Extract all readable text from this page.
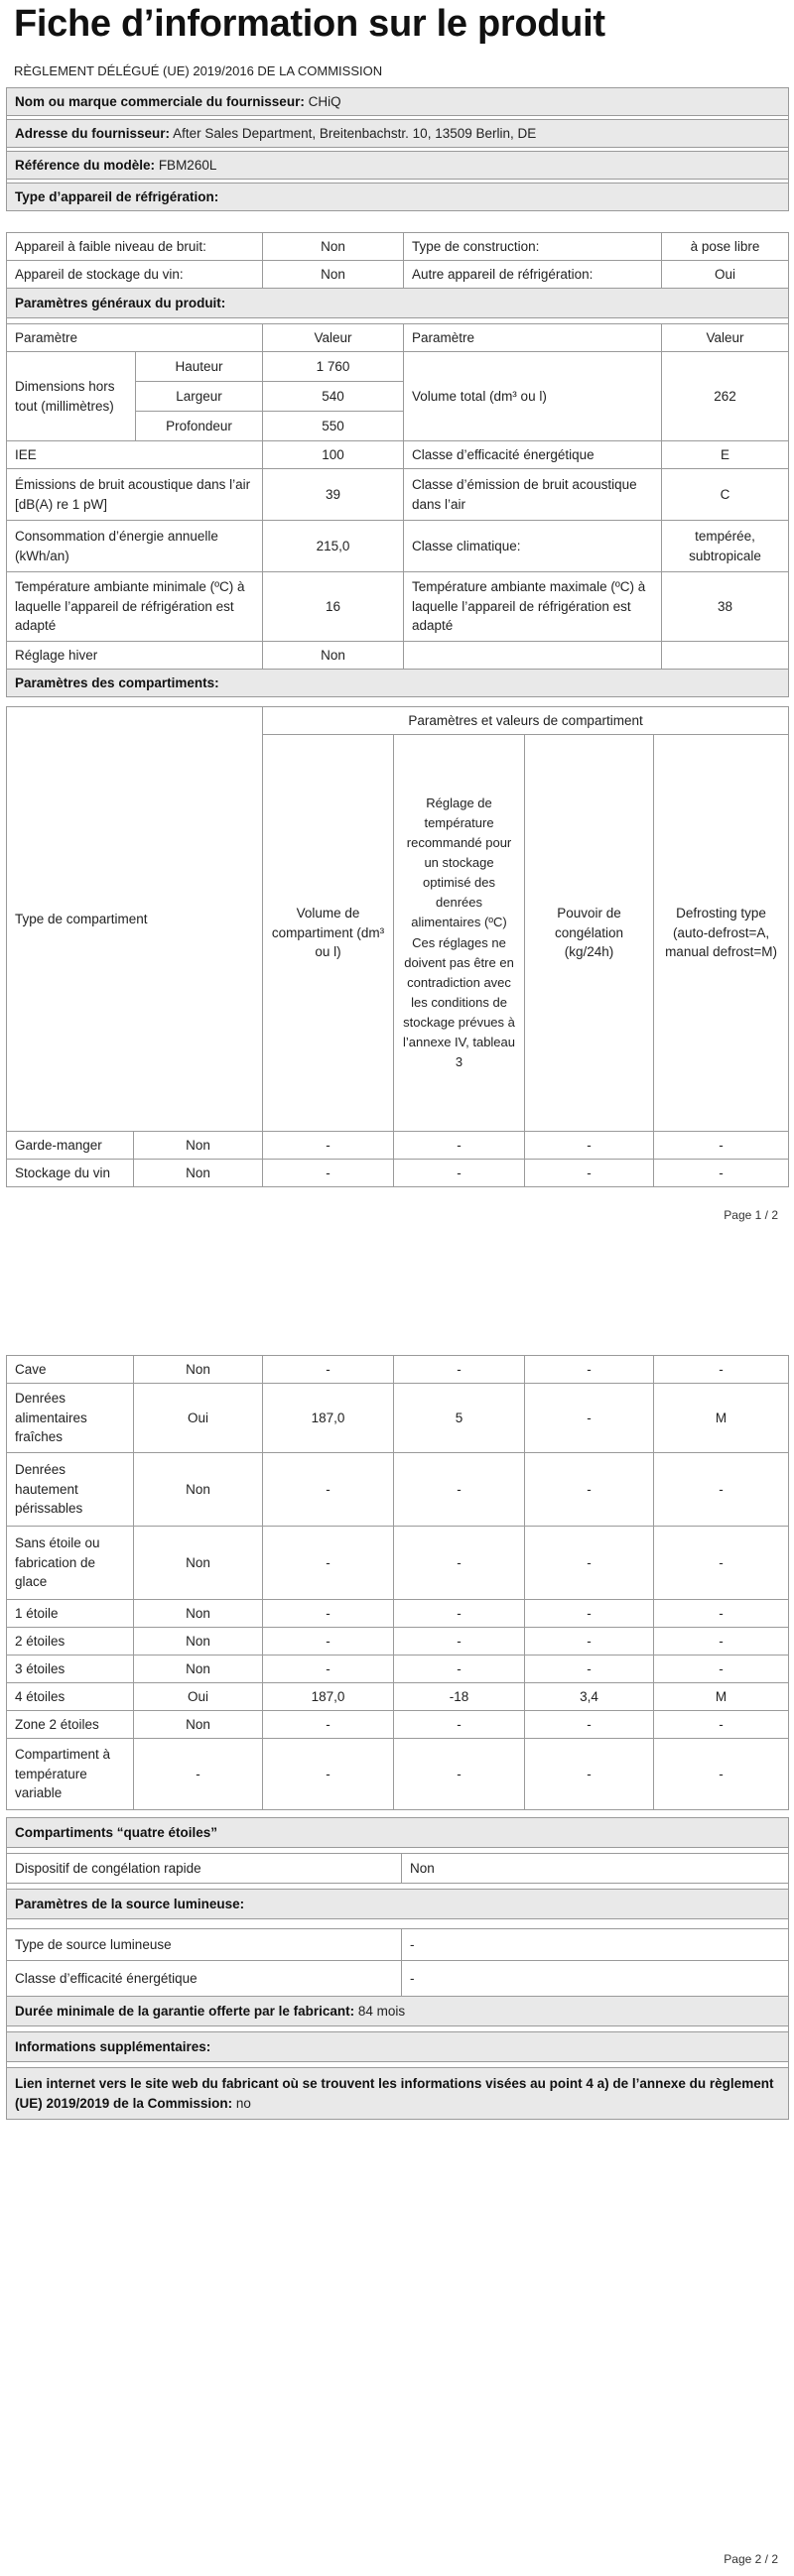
Fiche d’information sur le produit
RÈGLEMENT DÉLÉGUÉ (UE) 2019/2016 DE LA COMMISSION
Nom ou marque commerciale du fournisseur: CHiQ

Adresse du fournisseur: After Sales Department, Breitenbachstr. 10, 13509 Berlin, DE

Référence du modèle: FBM260L

Type d’appareil de réfrigération:
Appareil à faible niveau de bruit:		Non	Type de construction:	à pose libre
Appareil de stockage du vin:		Non	Autre appareil de réfrigération:	Oui
Paramètres généraux du produit:				

Paramètre		Valeur	Paramètre	Valeur
Dimensions hors tout (millimètres)	Hauteur	1 760	Volume total (dm³ ou l)	262
	Largeur	540		
	Profondeur	550		
IEE		100	Classe d’efficacité énergétique	E
Émissions de bruit acoustique dans l’air [dB(A) re 1 pW]		39	Classe d’émission de bruit acoustique dans l’air	C
Consommation d’énergie annuelle (kWh/an)		215,0	Classe climatique:	tempérée, subtropicale
Température ambiante minimale (ºC) à laquelle l’appareil de réfrigération est adapté		16	Température ambiante maximale (ºC) à laquelle l’appareil de réfrigération est adapté	38
Réglage hiver		Non		
Paramètres des compartiments:				
Type de compartiment		Paramètres et valeurs de compartiment			
		Volume de compartiment (dm³ ou l)	Réglage de température recommandé pour un stockage optimisé des denrées alimentaires (ºC) Ces réglages ne doivent pas être en contradiction avec les conditions de stockage prévues à l’annexe IV, tableau 3	Pouvoir de congélation (kg/24h)	Defrosting type (auto-defrost=A, manual defrost=M)
Garde-manger	Non	-	-	-	-
Stockage du vin	Non	-	-	-	-
Page 1 / 2
Cave	Non	-	-	-	-
Denrées alimentaires fraîches	Oui	187,0	5	-	M
Denrées hautement périssables	Non	-	-	-	-
Sans étoile ou fabrication de glace	Non	-	-	-	-
1 étoile	Non	-	-	-	-
2 étoiles	Non	-	-	-	-
3 étoiles	Non	-	-	-	-
4 étoiles	Oui	187,0	-18	3,4	M
Zone 2 étoiles	Non	-	-	-	-
Compartiment à température variable	-	-	-	-	-
Compartiments “quatre étoiles”	

Dispositif de congélation rapide	Non

Paramètres de la source lumineuse:	

Type de source lumineuse	-
Classe d’efficacité énergétique	-
Durée minimale de la garantie offerte par le fabricant: 84 mois	

Informations supplémentaires:	

Lien internet vers le site web du fabricant où se trouvent les informations visées au point 4 a) de l’annexe du règlement (UE) 2019/2019 de la Commission: no	
Page 2 / 2
